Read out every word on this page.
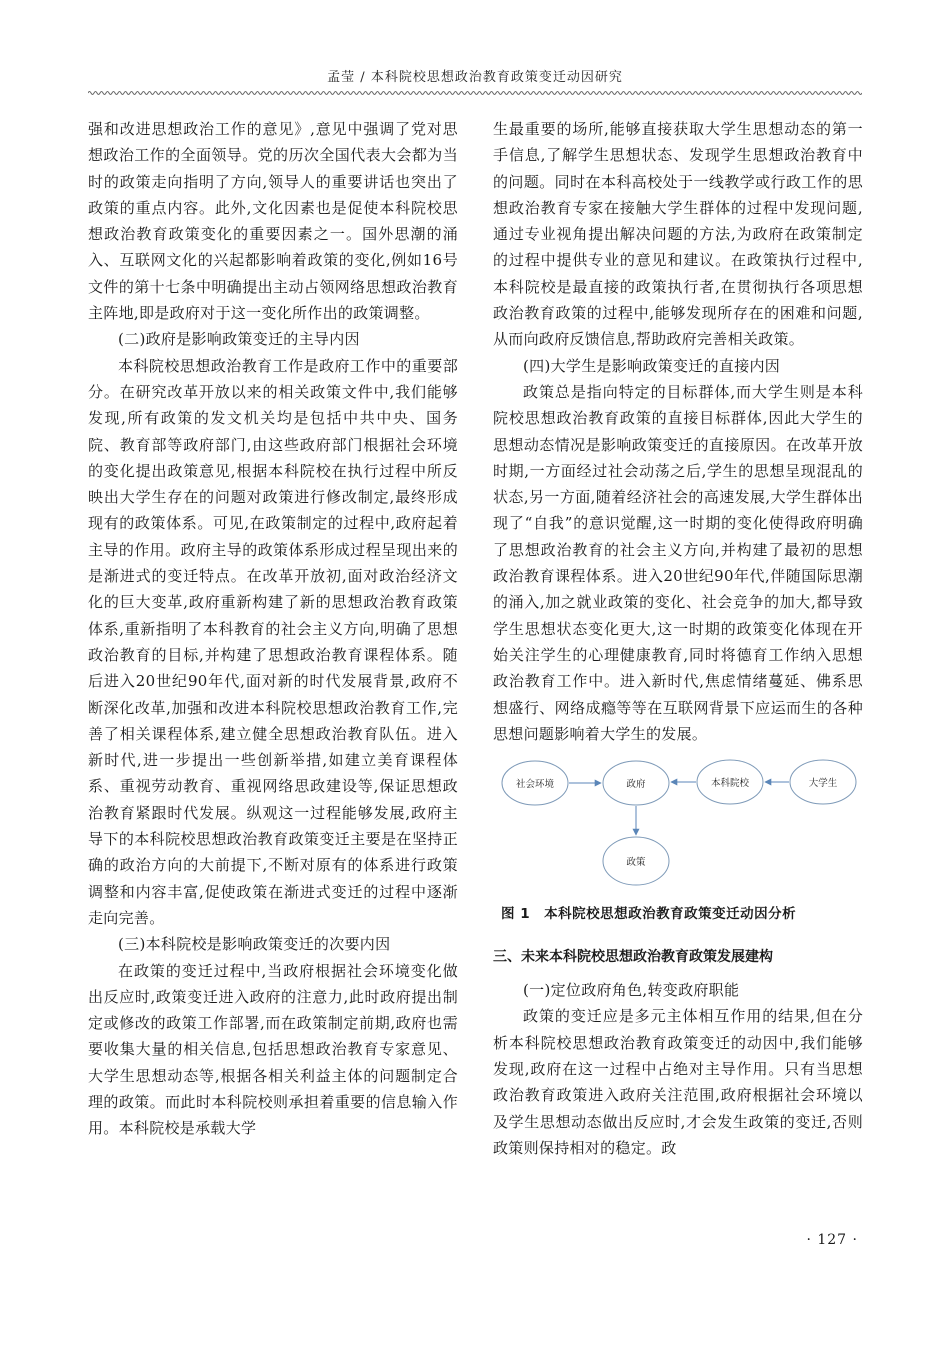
孟莹 / 本科院校思想政治教育政策变迁动因研究

强和改进思想政治工作的意见》,意见中强调了党对思想政治工作的全面领导。党的历次全国代表大会都为当时的政策走向指明了方向,领导人的重要讲话也突出了政策的重点内容。此外,文化因素也是促使本科院校思想政治教育政策变化的重要因素之一。国外思潮的涌入、互联网文化的兴起都影响着政策的变化,例如16号文件的第十七条中明确提出主动占领网络思想政治教育主阵地,即是政府对于这一变化所作出的政策调整。

(二)政府是影响政策变迁的主导内因

本科院校思想政治教育工作是政府工作中的重要部分。在研究改革开放以来的相关政策文件中,我们能够发现,所有政策的发文机关均是包括中共中央、国务院、教育部等政府部门,由这些政府部门根据社会环境的变化提出政策意见,根据本科院校在执行过程中所反映出大学生存在的问题对政策进行修改制定,最终形成现有的政策体系。可见,在政策制定的过程中,政府起着主导的作用。政府主导的政策体系形成过程呈现出来的是渐进式的变迁特点。在改革开放初,面对政治经济文化的巨大变革,政府重新构建了新的思想政治教育政策体系,重新指明了本科教育的社会主义方向,明确了思想政治教育的目标,并构建了思想政治教育课程体系。随后进入20世纪90年代,面对新的时代发展背景,政府不断深化改革,加强和改进本科院校思想政治教育工作,完善了相关课程体系,建立健全思想政治教育队伍。进入新时代,进一步提出一些创新举措,如建立美育课程体系、重视劳动教育、重视网络思政建设等,保证思想政治教育紧跟时代发展。纵观这一过程能够发展,政府主导下的本科院校思想政治教育政策变迁主要是在坚持正确的政治方向的大前提下,不断对原有的体系进行政策调整和内容丰富,促使政策在渐进式变迁的过程中逐渐走向完善。

(三)本科院校是影响政策变迁的次要内因

在政策的变迁过程中,当政府根据社会环境变化做出反应时,政策变迁进入政府的注意力,此时政府提出制定或修改的政策工作部署,而在政策制定前期,政府也需要收集大量的相关信息,包括思想政治教育专家意见、大学生思想动态等,根据各相关利益主体的问题制定合理的政策。而此时本科院校则承担着重要的信息输入作用。本科院校是承载大学

生最重要的场所,能够直接获取大学生思想动态的第一手信息,了解学生思想状态、发现学生思想政治教育中的问题。同时在本科高校处于一线教学或行政工作的思想政治教育专家在接触大学生群体的过程中发现问题,通过专业视角提出解决问题的方法,为政府在政策制定的过程中提供专业的意见和建议。在政策执行过程中,本科院校是最直接的政策执行者,在贯彻执行各项思想政治教育政策的过程中,能够发现所存在的困难和问题,从而向政府反馈信息,帮助政府完善相关政策。

(四)大学生是影响政策变迁的直接内因

政策总是指向特定的目标群体,而大学生则是本科院校思想政治教育政策的直接目标群体,因此大学生的思想动态情况是影响政策变迁的直接原因。在改革开放时期,一方面经过社会动荡之后,学生的思想呈现混乱的状态,另一方面,随着经济社会的高速发展,大学生群体出现了“自我”的意识觉醒,这一时期的变化使得政府明确了思想政治教育的社会主义方向,并构建了最初的思想政治教育课程体系。进入20世纪90年代,伴随国际思潮的涌入,加之就业政策的变化、社会竞争的加大,都导致学生思想状态变化更大,这一时期的政策变化体现在开始关注学生的心理健康教育,同时将德育工作纳入思想政治教育工作中。进入新时代,焦虑情绪蔓延、佛系思想盛行、网络成瘾等等在互联网背景下应运而生的各种思想问题影响着大学生的发展。

社会环境	政府	本科院校	大学生
政策
图 1 本科院校思想政治教育政策变迁动因分析
三、未来本科院校思想政治教育政策发展建构

(一)定位政府角色,转变政府职能

政策的变迁应是多元主体相互作用的结果,但在分析本科院校思想政治教育政策变迁的动因中,我们能够发现,政府在这一过程中占绝对主导作用。只有当思想政治教育政策进入政府关注范围,政府根据社会环境以及学生思想动态做出反应时,才会发生政策的变迁,否则政策则保持相对的稳定。政

· 127 ·
